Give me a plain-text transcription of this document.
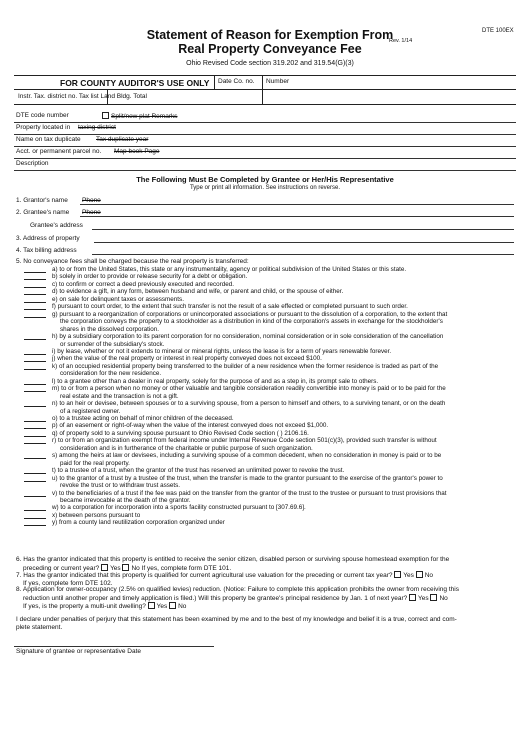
Statement of Reason for Exemption From
Real Property Conveyance Fee
Rev. 1/14
DTE 100EX
Ohio Revised Code section 319.202 and 319.54(G)(3)
FOR COUNTY AUDITOR'S USE ONLY Date Co. no. Number
Instr. Tax. district no. Tax list Land Bldg. Total
DTE code number	Split/new plat Remarks
Property located in taxing district
Name on tax duplicate Tax duplicate year
Acct. or permanent parcel no. Map book Page
Description
The Following Must Be Completed by Grantee or Her/His Representative
Type or print all information. See instructions on reverse.
1. Grantor's name Phone
2. Grantee's name Phone
Grantee's address
3. Address of property
4. Tax billing address
5. No conveyance fees shall be charged because the real property is transferred:
a) to or from the United States, this state or any instrumentality, agency or political subdivision of the United States or this state.
b) solely in order to provide or release security for a debt or obligation.
c) to confirm or correct a deed previously executed and recorded.
d) to evidence a gift, in any form, between husband and wife, or parent and child, or the spouse of either.
e) on sale for delinquent taxes or assessments.
f) pursuant to court order, to the extent that such transfer is not the result of a sale effected or completed pursuant to such order.
g) pursuant to a reorganization of corporations or unincorporated associations or pursuant to the dissolution of a corporation, to the extent that
the corporation conveys the property to a stockholder as a distribution in kind of the corporation's assets in exchange for the stockholder's
shares in the dissolved corporation.
h) by a subsidiary corporation to its parent corporation for no consideration, nominal consideration or in sole consideration of the cancellation
or surrender of the subsidiary's stock.
i) by lease, whether or not it extends to mineral or mineral rights, unless the lease is for a term of years renewable forever.
j) when the value of the real property or interest in real property conveyed does not exceed $100.
k) of an occupied residential property being transferred to the builder of a new residence when the former residence is traded as part of the
consideration for the new residence.
l) to a grantee other than a dealer in real property, solely for the purpose of and as a step in, its prompt sale to others.
m) to or from a person when no money or other valuable and tangible consideration readily convertible into money is paid or to be paid for the
real estate and the transaction is not a gift.
n) to an heir or devisee, between spouses or to a surviving spouse, from a person to himself and others, to a surviving tenant, or on the death
of a registered owner.
o) to a trustee acting on behalf of minor children of the deceased.
p) of an easement or right-of-way when the value of the interest conveyed does not exceed $1,000.
q) of property sold to a surviving spouse pursuant to Ohio Revised Code section ( ) 2106.16.
r) to or from an organization exempt from federal income under Internal Revenue Code section 501(c)(3), provided such transfer is without
consideration and is in furtherance of the charitable or public purpose of such organization.
s) among the heirs at law or devisees, including a surviving spouse of a common decedent, when no consideration in money is paid or to be
paid for the real property.
t) to a trustee of a trust, when the grantor of the trust has reserved an unlimited power to revoke the trust.
u) to the grantor of a trust by a trustee of the trust, when the transfer is made to the grantor pursuant to the exercise of the grantor's power to
revoke the trust or to withdraw trust assets.
v) to the beneficiaries of a trust if the fee was paid on the transfer from the grantor of the trust to the trustee or pursuant to trust provisions that
became irrevocable at the death of the grantor.
w) to a corporation for incorporation into a sports facility constructed pursuant to [307.69.6].
x) between persons pursuant to
y) from a county land reutilization corporation organized under
6. Has the grantor indicated that this property is entitled to receive the senior citizen, disabled person or surviving spouse homestead exemption for the
preceding or current year? Yes No If yes, complete form DTE 101.
7. Has the grantor indicated that this property is qualified for current agricultural use valuation for the preceding or current tax year? Yes No
If yes, complete form DTE 102.
8. Application for owner-occupancy (2.5% on qualified levies) reduction. (Notice: Failure to complete this application prohibits the owner from receiving this
reduction until another proper and timely application is filed.) Will this property be grantee's principal residence by Jan. 1 of next year? Yes No
If yes, is the property a multi-unit dwelling? Yes No
I declare under penalties of perjury that this statement has been examined by me and to the best of my knowledge and belief it is a true, correct and com-
plete statement.
Signature of grantee or representative Date
